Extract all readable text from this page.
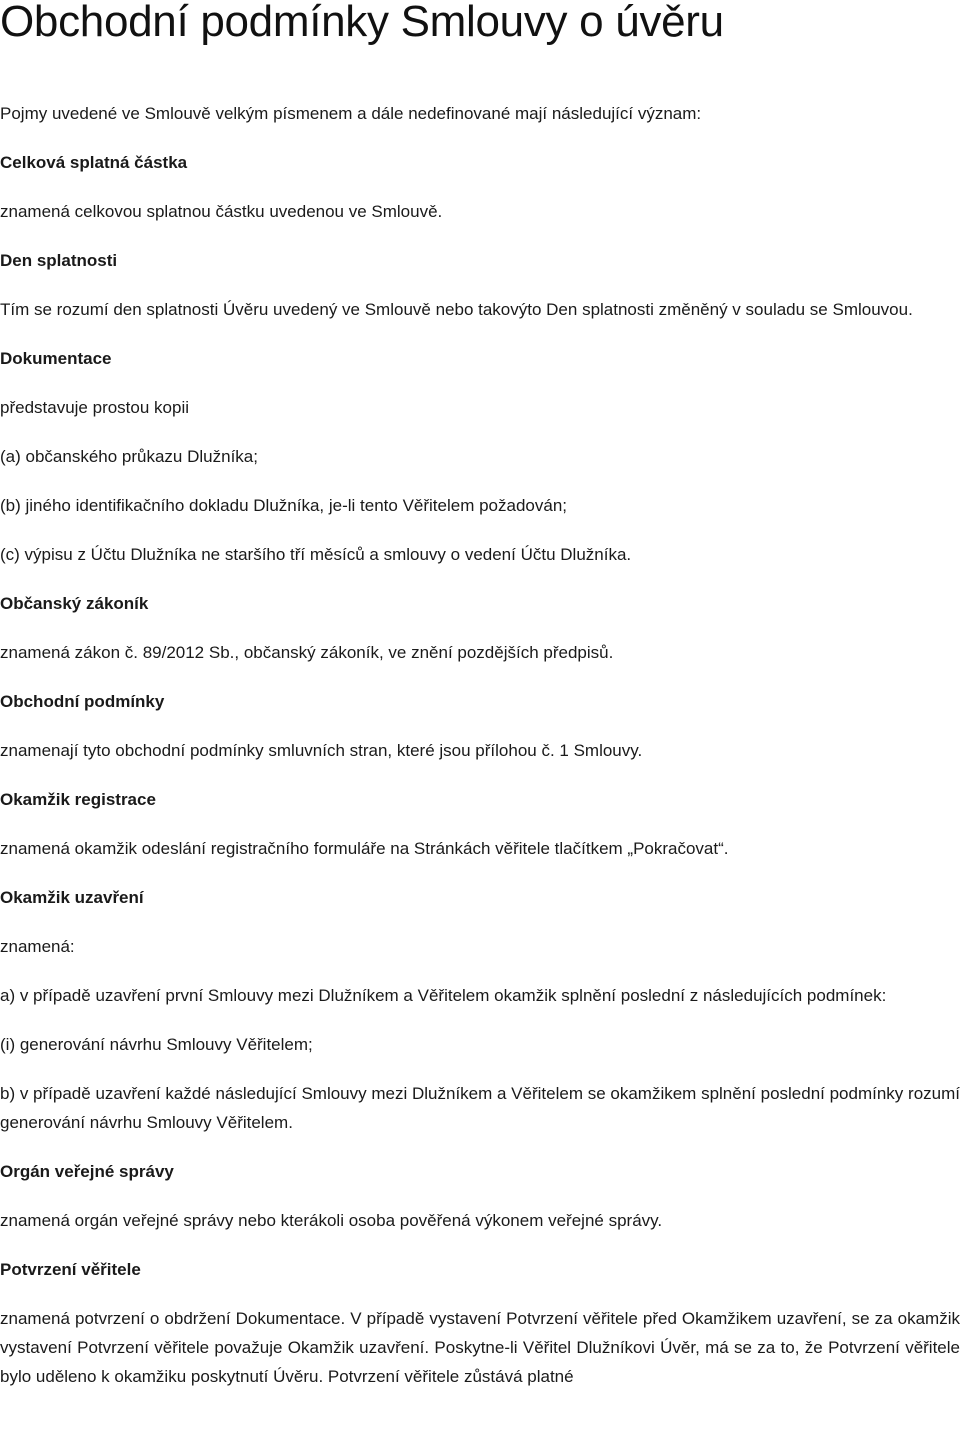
Obchodní podmínky Smlouvy o úvěru

Pojmy uvedené ve Smlouvě velkým písmenem a dále nedefinované mají následující význam:

Celková splatná částka

znamená celkovou splatnou částku uvedenou ve Smlouvě.

Den splatnosti

Tím se rozumí den splatnosti Úvěru uvedený ve Smlouvě nebo takovýto Den splatnosti změněný v souladu se Smlouvou.

Dokumentace

představuje prostou kopii

(a) občanského průkazu Dlužníka;

(b) jiného identifikačního dokladu Dlužníka, je-li tento Věřitelem požadován;

(c) výpisu z Účtu Dlužníka ne staršího tří měsíců a smlouvy o vedení Účtu Dlužníka.

Občanský zákoník

znamená zákon č. 89/2012 Sb., občanský zákoník, ve znění pozdějších předpisů.

Obchodní podmínky

znamenají tyto obchodní podmínky smluvních stran, které jsou přílohou č. 1 Smlouvy.

Okamžik registrace

znamená okamžik odeslání registračního formuláře na Stránkách věřitele tlačítkem „Pokračovat“.

Okamžik uzavření

znamená:

a) v případě uzavření první Smlouvy mezi Dlužníkem a Věřitelem okamžik splnění poslední z následujících podmínek:

(i) generování návrhu Smlouvy Věřitelem;

b) v případě uzavření každé následující Smlouvy mezi Dlužníkem a Věřitelem se okamžikem splnění poslední podmínky rozumí generování návrhu Smlouvy Věřitelem.

Orgán veřejné správy

znamená orgán veřejné správy nebo kterákoli osoba pověřená výkonem veřejné správy.

Potvrzení věřitele

znamená potvrzení o obdržení Dokumentace. V případě vystavení Potvrzení věřitele před Okamžikem uzavření, se za okamžik vystavení Potvrzení věřitele považuje Okamžik uzavření. Poskytne-li Věřitel Dlužníkovi Úvěr, má se za to, že Potvrzení věřitele bylo uděleno k okamžiku poskytnutí Úvěru. Potvrzení věřitele zůstává platné
